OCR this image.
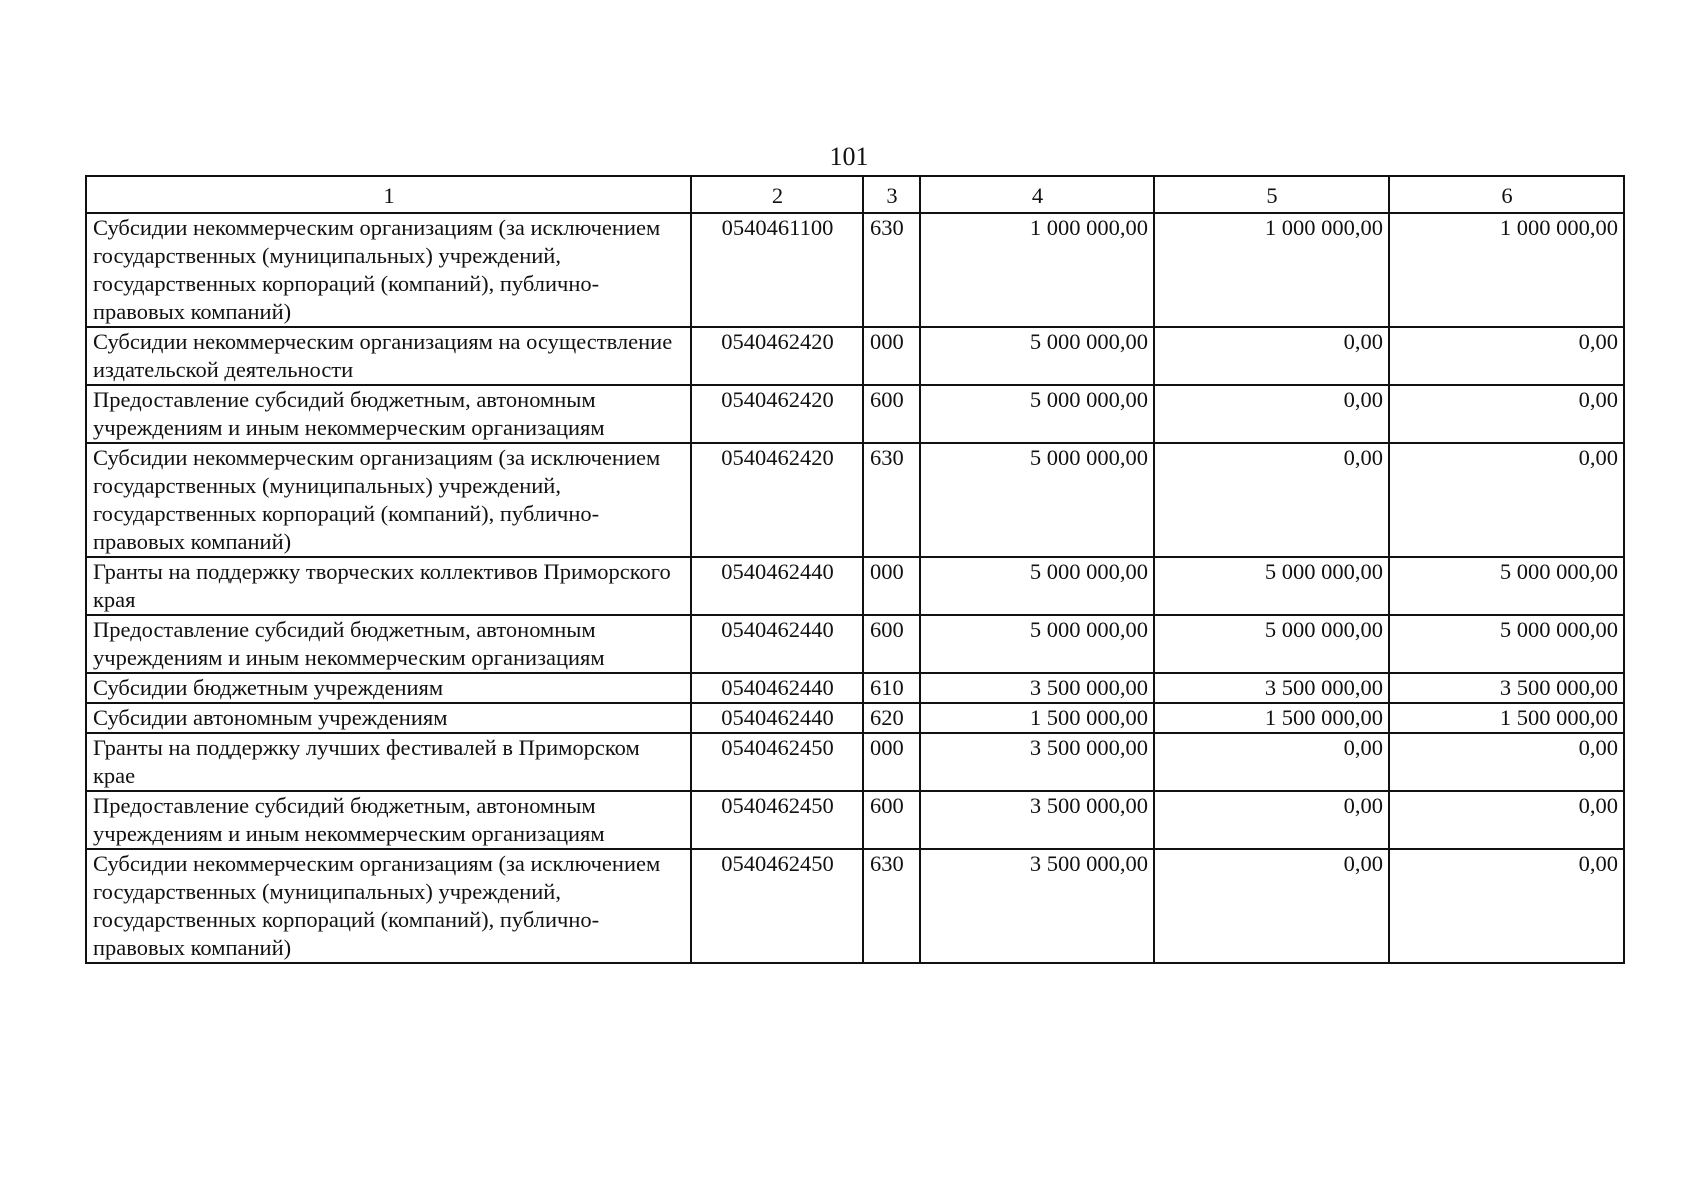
101
1	2	3	4	5	6
Субсидии некоммерческим организациям (за исключением государственных (муниципальных) учреждений, государственных корпораций (компаний), публично-правовых компаний)	0540461100	630	1 000 000,00	1 000 000,00	1 000 000,00
Субсидии некоммерческим организациям на осуществление издательской деятельности	0540462420	000	5 000 000,00	0,00	0,00
Предоставление субсидий бюджетным, автономным учреждениям и иным некоммерческим организациям	0540462420	600	5 000 000,00	0,00	0,00
Субсидии некоммерческим организациям (за исключением государственных (муниципальных) учреждений, государственных корпораций (компаний), публично-правовых компаний)	0540462420	630	5 000 000,00	0,00	0,00
Гранты на поддержку творческих коллективов Приморского края	0540462440	000	5 000 000,00	5 000 000,00	5 000 000,00
Предоставление субсидий бюджетным, автономным учреждениям и иным некоммерческим организациям	0540462440	600	5 000 000,00	5 000 000,00	5 000 000,00
Субсидии бюджетным учреждениям	0540462440	610	3 500 000,00	3 500 000,00	3 500 000,00
Субсидии автономным учреждениям	0540462440	620	1 500 000,00	1 500 000,00	1 500 000,00
Гранты на поддержку лучших фестивалей в Приморском крае	0540462450	000	3 500 000,00	0,00	0,00
Предоставление субсидий бюджетным, автономным учреждениям и иным некоммерческим организациям	0540462450	600	3 500 000,00	0,00	0,00
Субсидии некоммерческим организациям (за исключением государственных (муниципальных) учреждений, государственных корпораций (компаний), публично-правовых компаний)	0540462450	630	3 500 000,00	0,00	0,00
